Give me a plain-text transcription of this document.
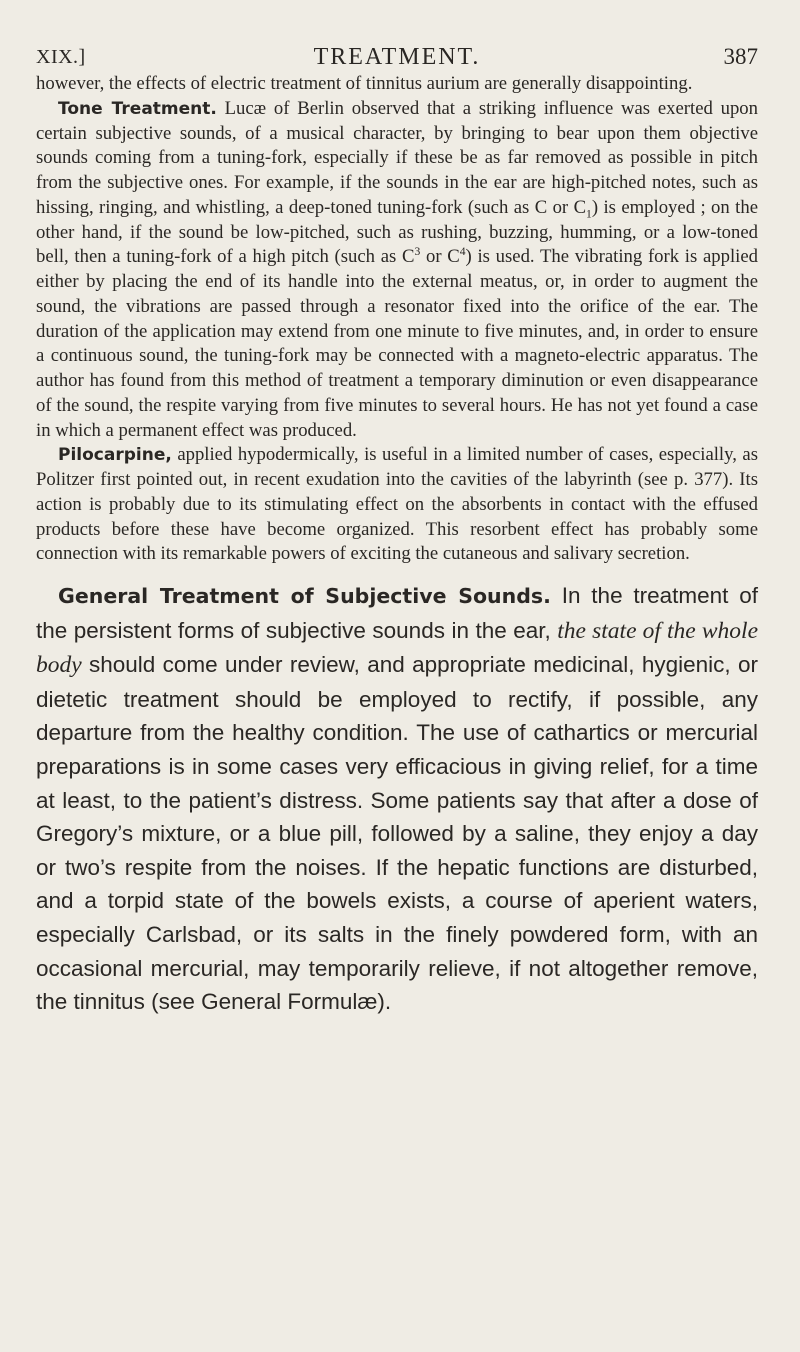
XIX.]	TREATMENT.	387

however, the effects of electric treatment of tinnitus aurium are generally disappointing.

Tone Treatment. Lucæ of Berlin observed that a striking influence was exerted upon certain subjective sounds, of a musical character, by bringing to bear upon them objective sounds coming from a tuning-fork, especially if these be as far removed as possible in pitch from the subjective ones. For example, if the sounds in the ear are high-pitched notes, such as hissing, ringing, and whistling, a deep-toned tuning-fork (such as C or $C_1$) is employed ; on the other hand, if the sound be low-pitched, such as rushing, buzzing, humming, or a low-toned bell, then a tuning-fork of a high pitch (such as $C^3$ or $C^4$) is used. The vibrating fork is applied either by placing the end of its handle into the external meatus, or, in order to augment the sound, the vibrations are passed through a resonator fixed into the orifice of the ear. The duration of the application may extend from one minute to five minutes, and, in order to ensure a continuous sound, the tuning-fork may be connected with a magneto-electric apparatus. The author has found from this method of treatment a temporary diminution or even disappearance of the sound, the respite varying from five minutes to several hours. He has not yet found a case in which a permanent effect was produced.

Pilocarpine, applied hypodermically, is useful in a limited number of cases, especially, as Politzer first pointed out, in recent exudation into the cavities of the labyrinth (see p. 377). Its action is probably due to its stimulating effect on the absorbents in contact with the effused products before these have become organized. This resorbent effect has probably some connection with its remarkable powers of exciting the cutaneous and salivary secretion.

General Treatment of Subjective Sounds. In the treatment of the persistent forms of subjective sounds in the ear, the state of the whole body should come under review, and appropriate medicinal, hygienic, or dietetic treatment should be employed to rectify, if possible, any departure from the healthy condition. The use of cathartics or mercurial preparations is in some cases very efficacious in giving relief, for a time at least, to the patient’s distress. Some patients say that after a dose of Gregory’s mixture, or a blue pill, followed by a saline, they enjoy a day or two’s respite from the noises. If the hepatic functions are disturbed, and a torpid state of the bowels exists, a course of aperient waters, especially Carlsbad, or its salts in the finely powdered form, with an occasional mercurial, may temporarily relieve, if not altogether remove, the tinnitus (see General Formulæ).
